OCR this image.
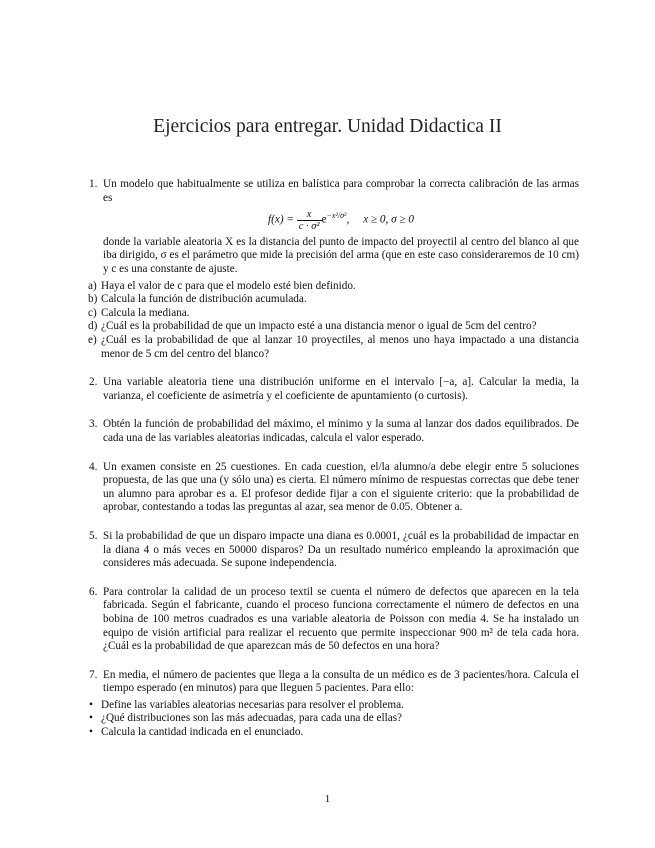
Ejercicios para entregar. Unidad Didactica II
1. Un modelo que habitualmente se utiliza en balística para comprobar la correcta calibración de las armas es

$f(x) = \frac{x}{\text{c · σ²}} e^{-x^2/\sigma^2}$,     x ≥ 0, σ ≥ 0

donde la variable aleatoria X es la distancia del punto de impacto del proyectil al centro del blanco al que iba dirigido, σ es el parámetro que mide la precisión del arma (que en este caso consideraremos de 10 cm) y c es una constante de ajuste.

a) Haya el valor de c para que el modelo esté bien definido.
b) Calcula la función de distribución acumulada.
c) Calcula la mediana.
d) ¿Cuál es la probabilidad de que un impacto esté a una distancia menor o igual de 5cm del centro?
e) ¿Cuál es la probabilidad de que al lanzar 10 proyectiles, al menos uno haya impactado a una distancia menor de 5 cm del centro del blanco?
2. Una variable aleatoria tiene una distribución uniforme en el intervalo [−a, a]. Calcular la media, la varianza, el coeficiente de asimetría y el coeficiente de apuntamiento (o curtosis).

3. Obtén la función de probabilidad del máximo, el mínimo y la suma al lanzar dos dados equilibrados. De cada una de las variables aleatorias indicadas, calcula el valor esperado.

4. Un examen consiste en 25 cuestiones. En cada cuestion, el/la alumno/a debe elegir entre 5 soluciones propuesta, de las que una (y sólo una) es cierta. El número mínimo de respuestas correctas que debe tener un alumno para aprobar es a. El profesor dedide fijar a con el siguiente criterio: que la probabilidad de aprobar, contestando a todas las preguntas al azar, sea menor de 0.05. Obtener a.

5. Si la probabilidad de que un disparo impacte una diana es 0.0001, ¿cuál es la probabilidad de impactar en la diana 4 o más veces en 50000 disparos? Da un resultado numérico empleando la aproximación que consideres más adecuada. Se supone independencia.

6. Para controlar la calidad de un proceso textil se cuenta el número de defectos que aparecen en la tela fabricada. Según el fabricante, cuando el proceso funciona correctamente el número de defectos en una bobina de 100 metros cuadrados es una variable aleatoria de Poisson con media 4. Se ha instalado un equipo de visión artificial para realizar el recuento que permite inspeccionar 900 m² de tela cada hora. ¿Cuál es la probabilidad de que aparezcan más de 50 defectos en una hora?

7. En media, el número de pacientes que llega a la consulta de un médico es de 3 pacientes/hora. Calcula el tiempo esperado (en minutos) para que lleguen 5 pacientes. Para ello:

• Define las variables aleatorias necesarias para resolver el problema.
• ¿Qué distribuciones son las más adecuadas, para cada una de ellas?
• Calcula la cantidad indicada en el enunciado.
1
